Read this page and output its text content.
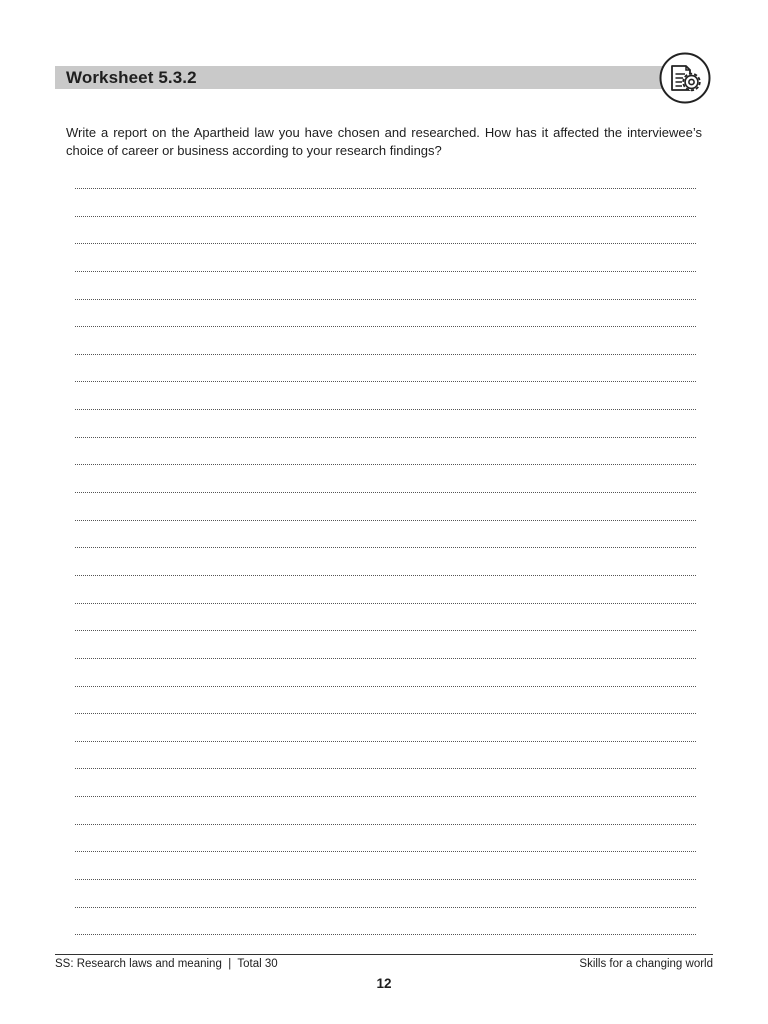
Worksheet 5.3.2

Write a report on the Apartheid law you have chosen and researched. How has it affected the interviewee’s choice of career or business according to your research findings?

SS: Research laws and meaning  |  Total 30	Skills for a changing world
12
